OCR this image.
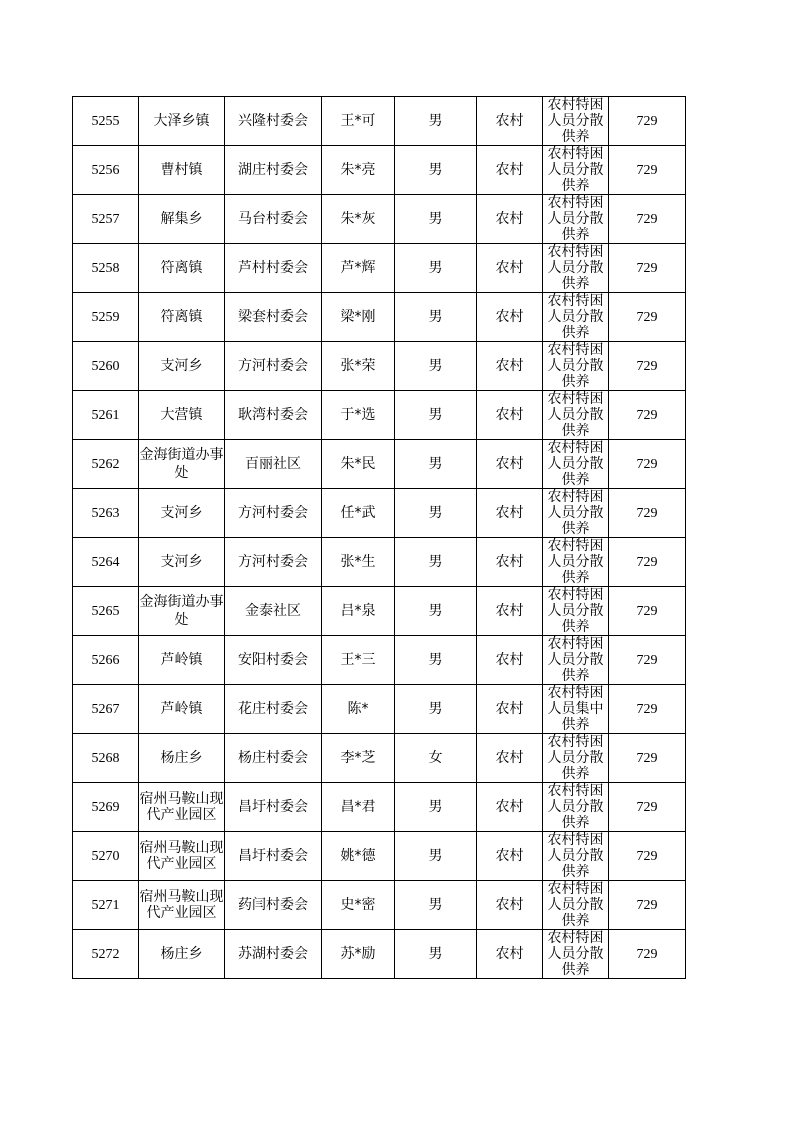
5255	大泽乡镇	兴隆村委会	王*可	男	农村	农村特困人员分散供养	729
5256	曹村镇	湖庄村委会	朱*亮	男	农村	农村特困人员分散供养	729
5257	解集乡	马台村委会	朱*灰	男	农村	农村特困人员分散供养	729
5258	符离镇	芦村村委会	芦*辉	男	农村	农村特困人员分散供养	729
5259	符离镇	梁套村委会	梁*刚	男	农村	农村特困人员分散供养	729
5260	支河乡	方河村委会	张*荣	男	农村	农村特困人员分散供养	729
5261	大营镇	耿湾村委会	于*选	男	农村	农村特困人员分散供养	729
5262	金海街道办事处	百丽社区	朱*民	男	农村	农村特困人员分散供养	729
5263	支河乡	方河村委会	任*武	男	农村	农村特困人员分散供养	729
5264	支河乡	方河村委会	张*生	男	农村	农村特困人员分散供养	729
5265	金海街道办事处	金泰社区	吕*泉	男	农村	农村特困人员分散供养	729
5266	芦岭镇	安阳村委会	王*三	男	农村	农村特困人员分散供养	729
5267	芦岭镇	花庄村委会	陈*	男	农村	农村特困人员集中供养	729
5268	杨庄乡	杨庄村委会	李*芝	女	农村	农村特困人员分散供养	729
5269	宿州马鞍山现代产业园区	昌圩村委会	昌*君	男	农村	农村特困人员分散供养	729
5270	宿州马鞍山现代产业园区	昌圩村委会	姚*德	男	农村	农村特困人员分散供养	729
5271	宿州马鞍山现代产业园区	药闫村委会	史*密	男	农村	农村特困人员分散供养	729
5272	杨庄乡	苏湖村委会	苏*励	男	农村	农村特困人员分散供养	729
